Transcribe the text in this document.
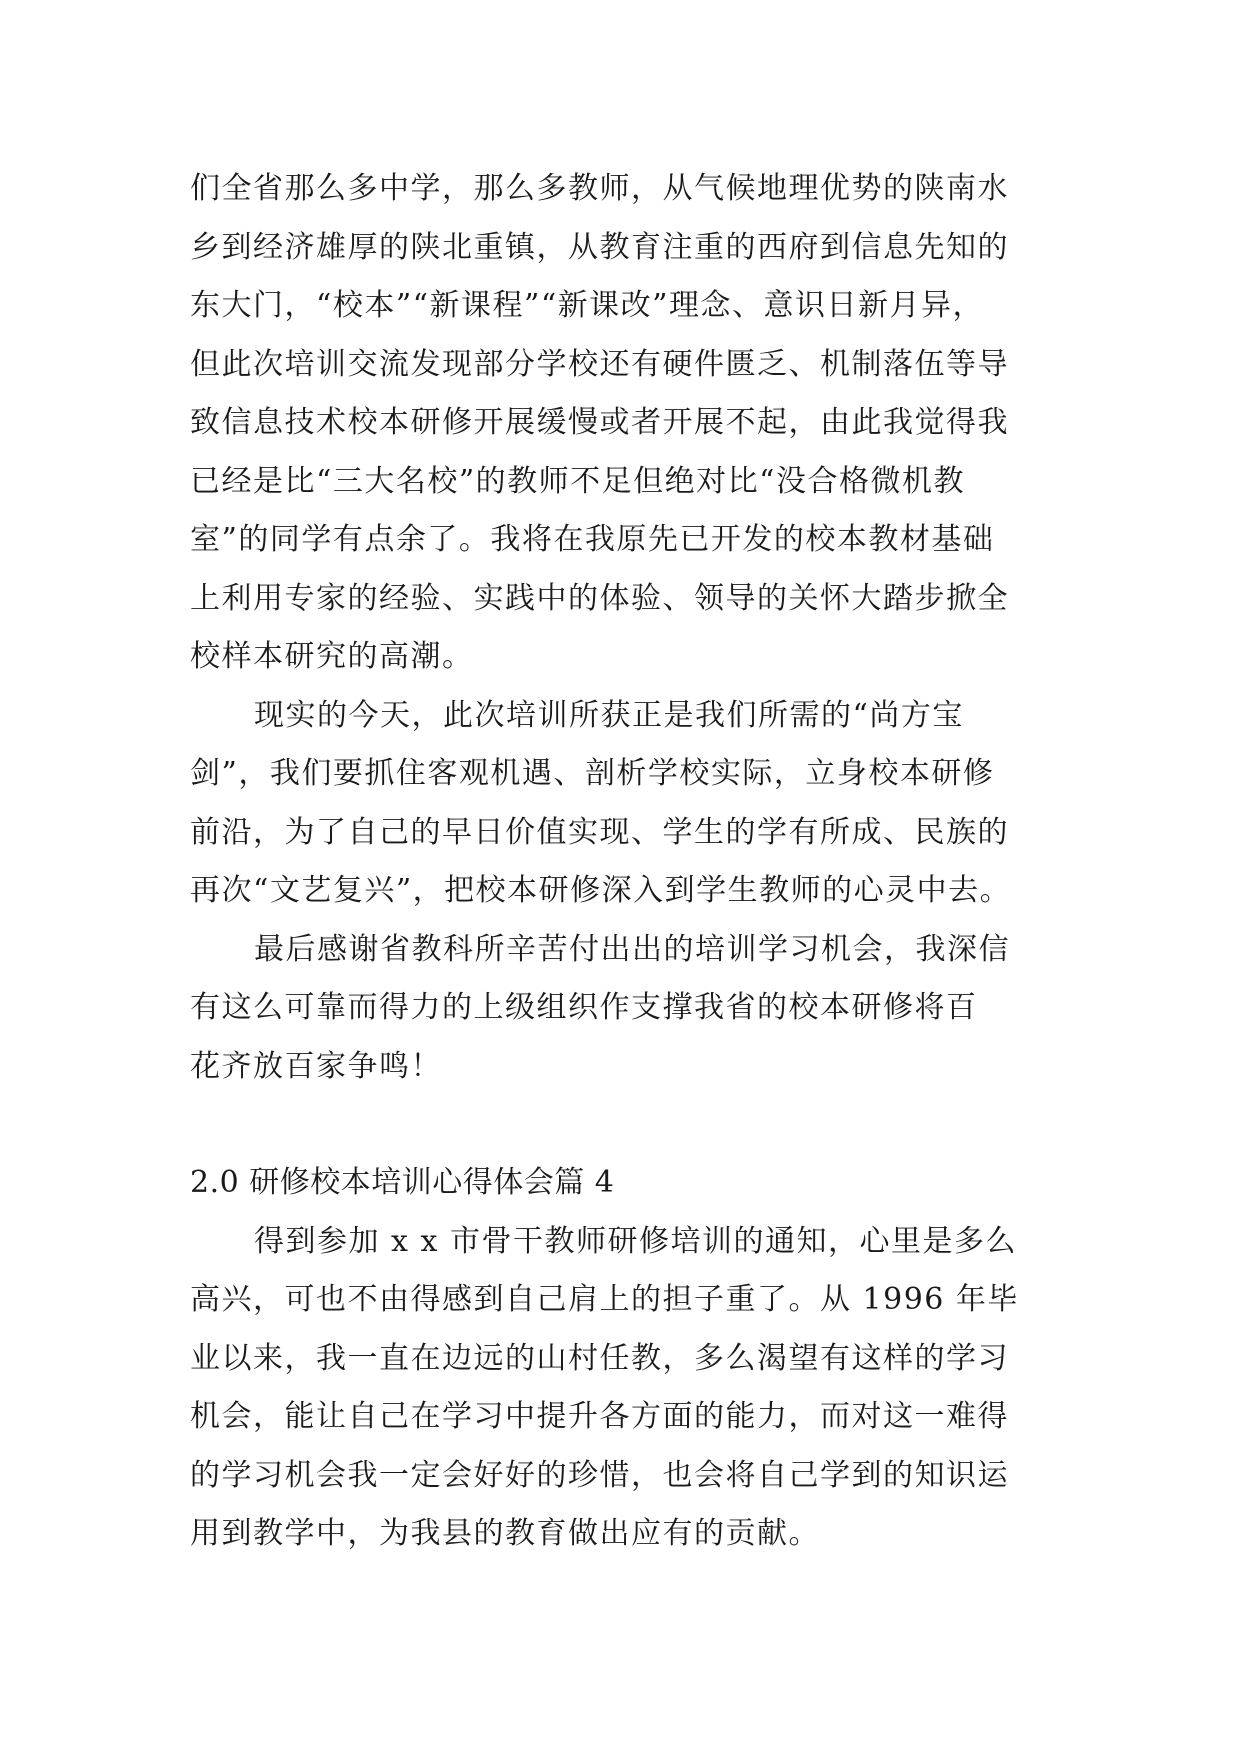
们全省那么多中学，那么多教师，从气候地理优势的陕南水
乡到经济雄厚的陕北重镇，从教育注重的西府到信息先知的
东大门，“校本”“新课程”“新课改”理念、意识日新月异，
但此次培训交流发现部分学校还有硬件匮乏、机制落伍等导
致信息技术校本研修开展缓慢或者开展不起，由此我觉得我
已经是比“三大名校”的教师不足但绝对比“没合格微机教
室”的同学有点余了。我将在我原先已开发的校本教材基础
上利用专家的经验、实践中的体验、领导的关怀大踏步掀全
校样本研究的高潮。
现实的今天，此次培训所获正是我们所需的“尚方宝
剑”，我们要抓住客观机遇、剖析学校实际，立身校本研修
前沿，为了自己的早日价值实现、学生的学有所成、民族的
再次“文艺复兴”，把校本研修深入到学生教师的心灵中去。
最后感谢省教科所辛苦付出出的培训学习机会，我深信
有这么可靠而得力的上级组织作支撑我省的校本研修将百
花齐放百家争鸣！
2.0 研修校本培训心得体会篇 4
得到参加 x x 市骨干教师研修培训的通知，心里是多么
高兴，可也不由得感到自己肩上的担子重了。从 1996 年毕
业以来，我一直在边远的山村任教，多么渴望有这样的学习
机会，能让自己在学习中提升各方面的能力，而对这一难得
的学习机会我一定会好好的珍惜，也会将自己学到的知识运
用到教学中，为我县的教育做出应有的贡献。
